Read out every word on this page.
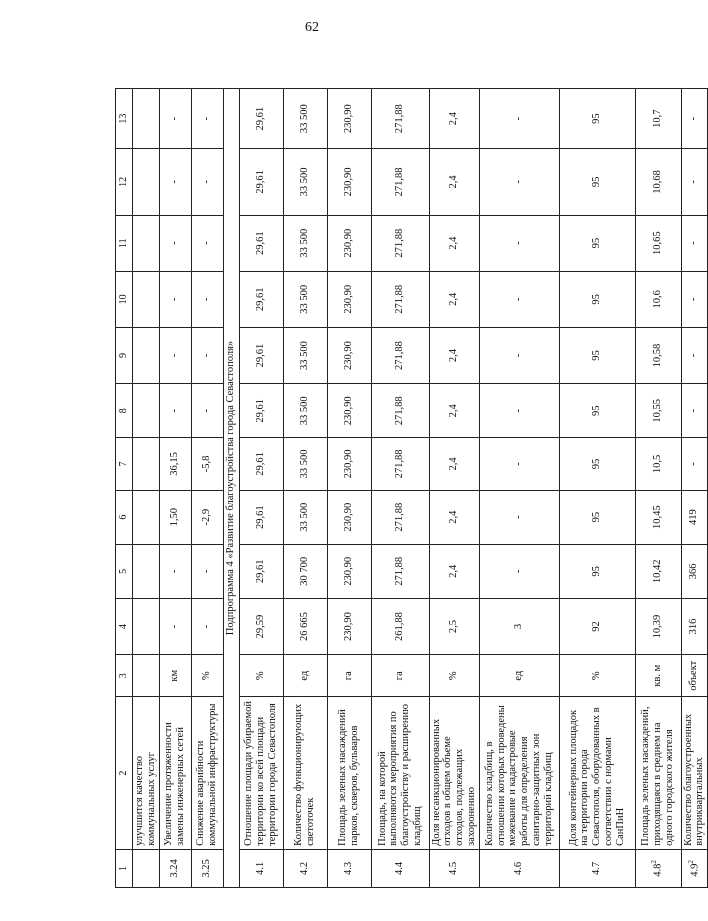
62
1	2	3	4	5	6	7	8	9	10	11	12	13
	улучшится качество коммунальных услуг											
3.24	Увеличение протяженности замены инженерных сетей	км	-	-	1,50	36,15	-	-	-	-	-	-
3.25	Снижение аварийности коммунальной инфраструктуры	%	-	-	-2,9	-5,8	-	-	-	-	-	-
Подпрограмма 4 «Развитие благоустройства города Севастополя»												
4.1	Отношение площади убираемой территории ко всей площади территории города Севастополя	%	29,59	29,61	29,61	29,61	29,61	29,61	29,61	29,61	29,61	29,61
4.2	Количество функционирующих светоточек	ед	26 665	30 700	33 500	33 500	33 500	33 500	33 500	33 500	33 500	33 500
4.3	Площадь зеленых насаждений парков, скверов, бульваров	га	230,90	230,90	230,90	230,90	230,90	230,90	230,90	230,90	230,90	230,90
4.4	Площадь, на которой выполняются мероприятия по благоустройству и расширению кладбищ	га	261,88	271,88	271,88	271,88	271,88	271,88	271,88	271,88	271,88	271,88
4.5	Доля несанкционированных отходов в общем объеме отходов, подлежащих захоронению	%	2,5	2,4	2,4	2,4	2,4	2,4	2,4	2,4	2,4	2,4
4.6	Количество кладбищ, в отношении которых проведены межевание и кадастровые работы для определения санитарно-защитных зон территорий кладбищ	ед	3	-	-	-	-	-	-	-	-	-
4.7	Доля контейнерных площадок на территории города Севастополя, оборудованных в соответствии с нормами СанПиН	%	92	95	95	95	95	95	95	95	95	95
$4.8^2$	Площадь зеленых насаждений, приходящаяся в среднем на одного городского жителя	кв. м	10,39	10,42	10,45	10,5	10,55	10,58	10,6	10,65	10,68	10,7
$4.9^2$	Количество благоустроенных внутриквартальных	объект	316	366	419	-	-	-	-	-	-	-
